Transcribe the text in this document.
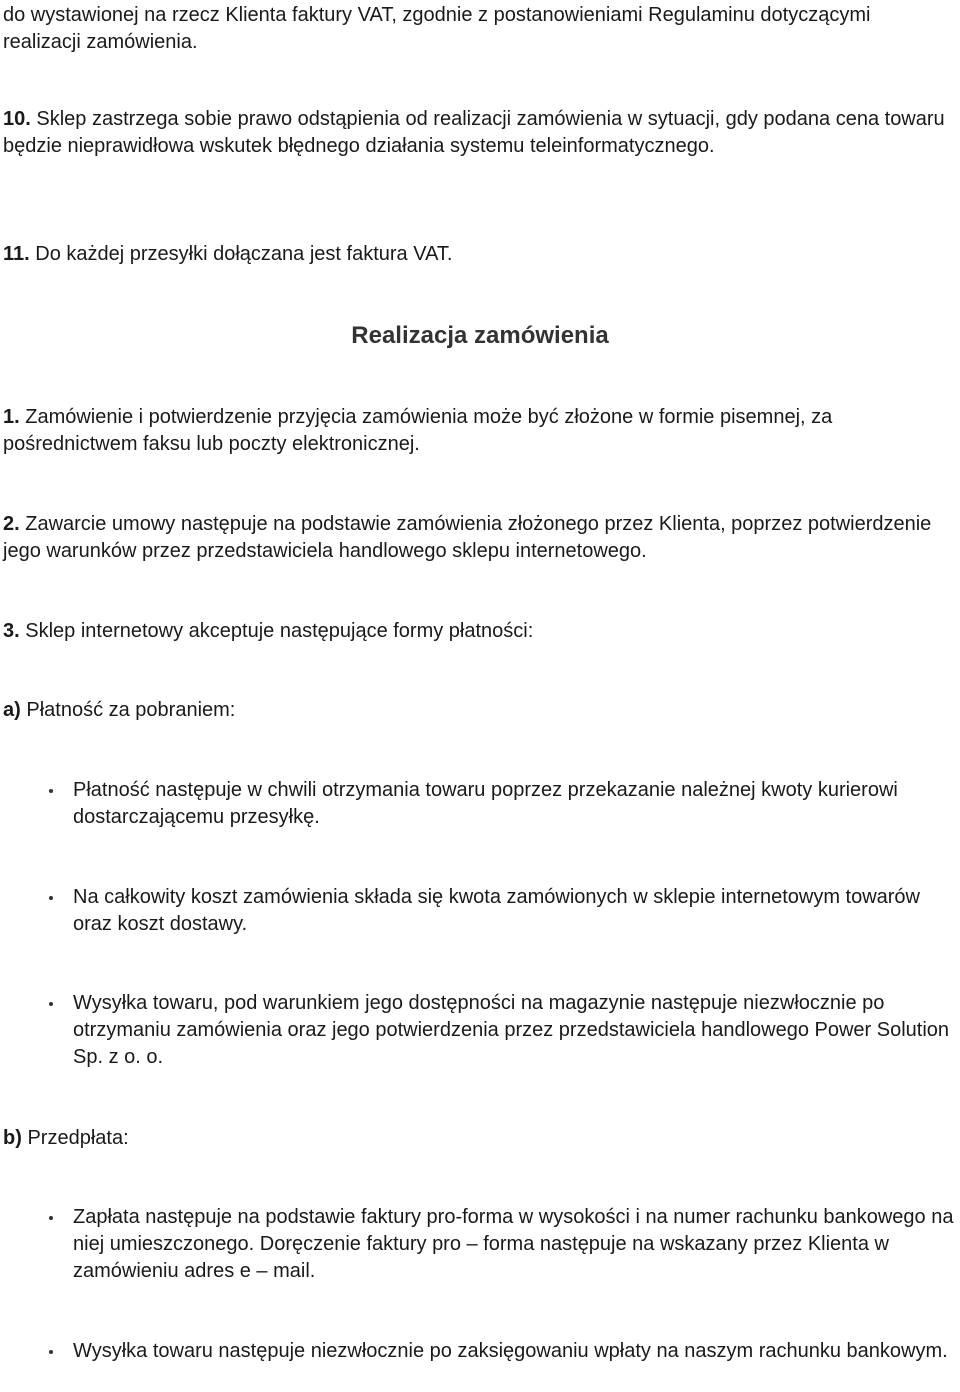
do wystawionej na rzecz Klienta faktury VAT, zgodnie z postanowieniami Regulaminu dotyczącymi realizacji zamówienia.

10. Sklep zastrzega sobie prawo odstąpienia od realizacji zamówienia w sytuacji, gdy podana cena towaru będzie nieprawidłowa wskutek błędnego działania systemu teleinformatycznego.

11. Do każdej przesyłki dołączana jest faktura VAT.

Realizacja zamówienia

1. Zamówienie i potwierdzenie przyjęcia zamówienia może być złożone w formie pisemnej, za pośrednictwem faksu lub poczty elektronicznej.

2. Zawarcie umowy następuje na podstawie zamówienia złożonego przez Klienta, poprzez potwierdzenie jego warunków przez przedstawiciela handlowego sklepu internetowego.

3. Sklep internetowy akceptuje następujące formy płatności:

a) Płatność za pobraniem:

Płatność następuje w chwili otrzymania towaru poprzez przekazanie należnej kwoty kurierowi dostarczającemu przesyłkę.
Na całkowity koszt zamówienia składa się kwota zamówionych w sklepie internetowym towarów oraz koszt dostawy.
Wysyłka towaru, pod warunkiem jego dostępności na magazynie następuje niezwłocznie po otrzymaniu zamówienia oraz jego potwierdzenia przez przedstawiciela handlowego Power Solution Sp. z o. o.

b) Przedpłata:

Zapłata następuje na podstawie faktury pro-forma w wysokości i na numer rachunku bankowego na niej umieszczonego. Doręczenie faktury pro – forma następuje na wskazany przez Klienta w zamówieniu adres e – mail.
Wysyłka towaru następuje niezwłocznie po zaksięgowaniu wpłaty na naszym rachunku bankowym.
